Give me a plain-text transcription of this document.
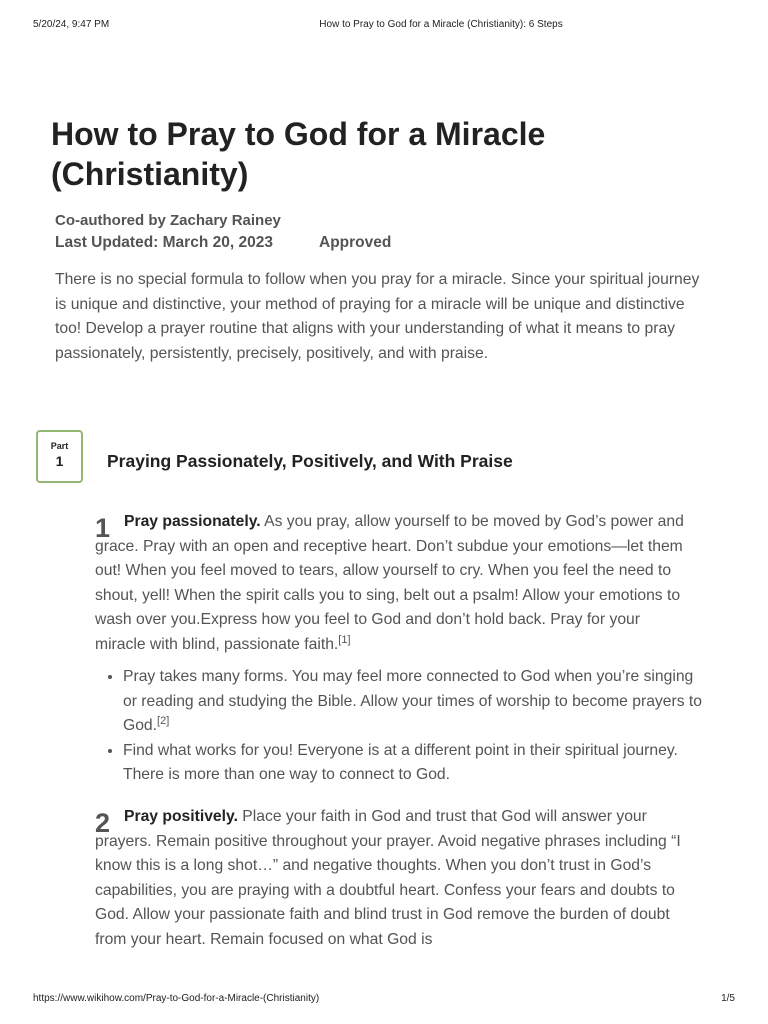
5/20/24, 9:47 PM	How to Pray to God for a Miracle (Christianity): 6 Steps
How to Pray to God for a Miracle (Christianity)
Co-authored by Zachary Rainey
Last Updated: March 20, 2023	Approved

There is no special formula to follow when you pray for a miracle. Since your spiritual journey is unique and distinctive, your method of praying for a miracle will be unique and distinctive too! Develop a prayer routine that aligns with your understanding of what it means to pray passionately, persistently, precisely, positively, and with praise.

Part
1	Praying Passionately, Positively, and With Praise
1 Pray passionately. As you pray, allow yourself to be moved by God’s power and grace. Pray with an open and receptive heart. Don’t subdue your emotions—let them out! When you feel moved to tears, allow yourself to cry. When you feel the need to shout, yell! When the spirit calls you to sing, belt out a psalm! Allow your emotions to wash over you.Express how you feel to God and don’t hold back. Pray for your miracle with blind, passionate faith.[1]

• Pray takes many forms. You may feel more connected to God when you’re singing or reading and studying the Bible. Allow your times of worship to become prayers to God.[2]
• Find what works for you! Everyone is at a different point in their spiritual journey. There is more than one way to connect to God.
2 Pray positively. Place your faith in God and trust that God will answer your prayers. Remain positive throughout your prayer. Avoid negative phrases including “I know this is a long shot…” and negative thoughts. When you don’t trust in God’s capabilities, you are praying with a doubtful heart. Confess your fears and doubts to God. Allow your passionate faith and blind trust in God remove the burden of doubt from your heart. Remain focused on what God is

https://www.wikihow.com/Pray-to-God-for-a-Miracle-(Christianity)	1/5
